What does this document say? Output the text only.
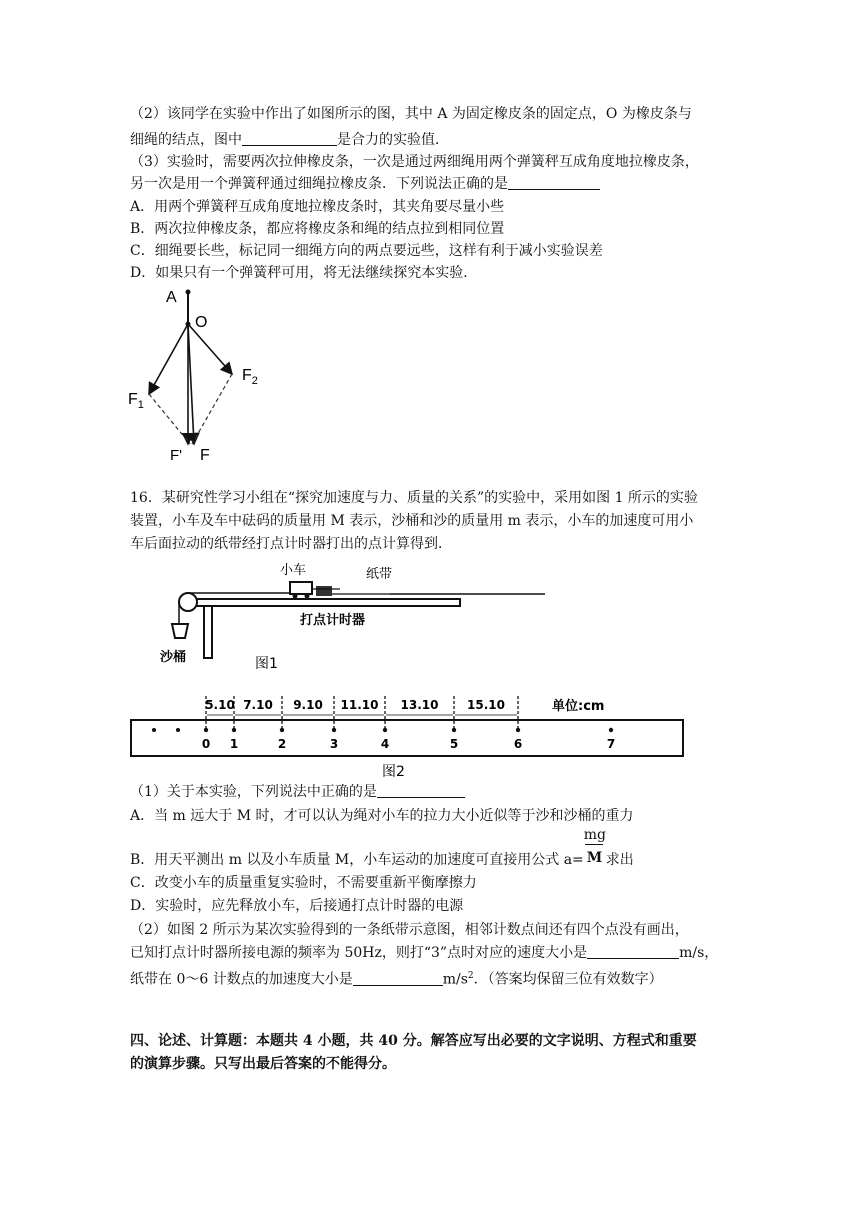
（2）该同学在实验中作出了如图所示的图，其中 A 为固定橡皮条的固定点，O 为橡皮条与
细绳的结点，图中	是合力的实验值．
（3）实验时，需要两次拉伸橡皮条，一次是通过两细绳用两个弹簧秤互成角度地拉橡皮条，
另一次是用一个弹簧秤通过细绳拉橡皮条．下列说法正确的是
A．用两个弹簧秤互成角度地拉橡皮条时，其夹角要尽量小些
B．两次拉伸橡皮条，都应将橡皮条和绳的结点拉到相同位置
C．细绳要长些，标记同一细绳方向的两点要远些，这样有利于减小实验误差
D．如果只有一个弹簧秤可用，将无法继续探究本实验．
A
O
$F_1$
$F_2$
F' F
16．某研究性学习小组在“探究加速度与力、质量的关系”的实验中，采用如图 1 所示的实验
装置，小车及车中砝码的质量用 M 表示，沙桶和沙的质量用 m 表示，小车的加速度可用小
车后面拉动的纸带经打点计时器打出的点计算得到．
小车	纸带
打点计时器
沙桶	图1
5.10 7.10 9.10 11.10 13.10 15.10
0 1	2	3	4	5	6	7
单位:cm
图2
（1）关于本实验，下列说法中正确的是
A．当 m 远大于 M 时，才可以认为绳对小车的拉力大小近似等于沙和沙桶的重力
B．用天平测出 m 以及小车质量 M，小车运动的加速度可直接用公式 $a= \frac{mg}{M}$ 求出
C．改变小车的质量重复实验时，不需要重新平衡摩擦力
D．实验时，应先释放小车，后接通打点计时器的电源
（2）如图 2 所示为某次实验得到的一条纸带示意图，相邻计数点间还有四个点没有画出，
已知打点计时器所接电源的频率为 50Hz，则打“3”点时对应的速度大小是	m/s，
纸带在 0～6 计数点的加速度大小是	$m/s^2$．（答案均保留三位有效数字）
四、论述、计算题：本题共 4 小题，共 40 分。解答应写出必要的文字说明、方程式和重要
的演算步骤。只写出最后答案的不能得分。
